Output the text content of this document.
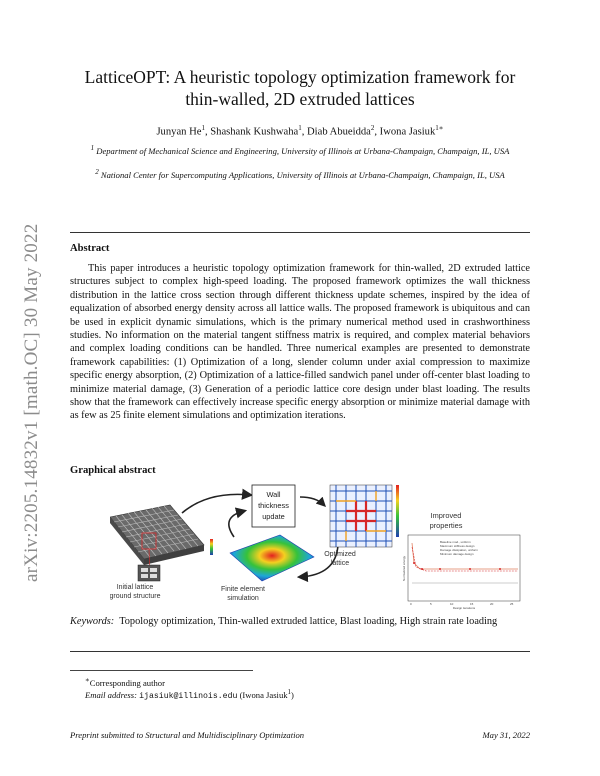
arXiv:2205.14832v1 [math.OC] 30 May 2022
LatticeOPT: A heuristic topology optimization framework for
thin-walled, 2D extruded lattices
Junyan He$^1$, Shashank Kushwaha$^1$, Diab Abueidda$^2$, Iwona Jasiuk$^{1∗}$
$^1$ Department of Mechanical Science and Engineering, University of Illinois at Urbana-Champaign, Champaign, IL, USA
$^2$ National Center for Supercomputing Applications, University of Illinois at Urbana-Champaign, Champaign, IL, USA
Abstract
This paper introduces a heuristic topology optimization framework for thin-walled, 2D extruded lattice structures subject to complex high-speed loading. The proposed framework optimizes the wall thickness distribution in the lattice cross section through different thickness update schemes, inspired by the idea of equalization of absorbed energy density across all lattice walls. The proposed framework is ubiquitous and can be used in explicit dynamic simulations, which is the primary numerical method used in crashworthiness studies. No information on the material tangent stiffness matrix is required, and complex material behaviors and complex loading conditions can be handled. Three numerical examples are presented to demonstrate framework capabilities: (1) Optimization of a long, slender column under axial compression to maximize specific energy absorption, (2) Optimization of a lattice-filled sandwich panel under off-center blast loading to minimize material damage, (3) Generation of a periodic lattice core design under blast loading. The results show that the framework can effectively increase specific energy absorption or minimize material damage with as few as 25 finite element simulations and optimization iterations.
Graphical abstract
Initial lattice
ground structure
Wall
thickness
update
Finite element
simulation
Optimized
lattice
Improved
properties
Baseline mod., uniform
Maximum stiffness design
Damage dissipation, uniform
Minimum damage design
0	5	10	15	20	25
Design iterations
Normalized energy
Keywords: Topology optimization, Thin-walled extruded lattice, Blast loading, High strain rate loading
∗Corresponding author
Email address: ijasiuk@illinois.edu (Iwona Jasiuk$^1$)
Preprint submitted to Structural and Multidisciplinary Optimization	May 31, 2022
